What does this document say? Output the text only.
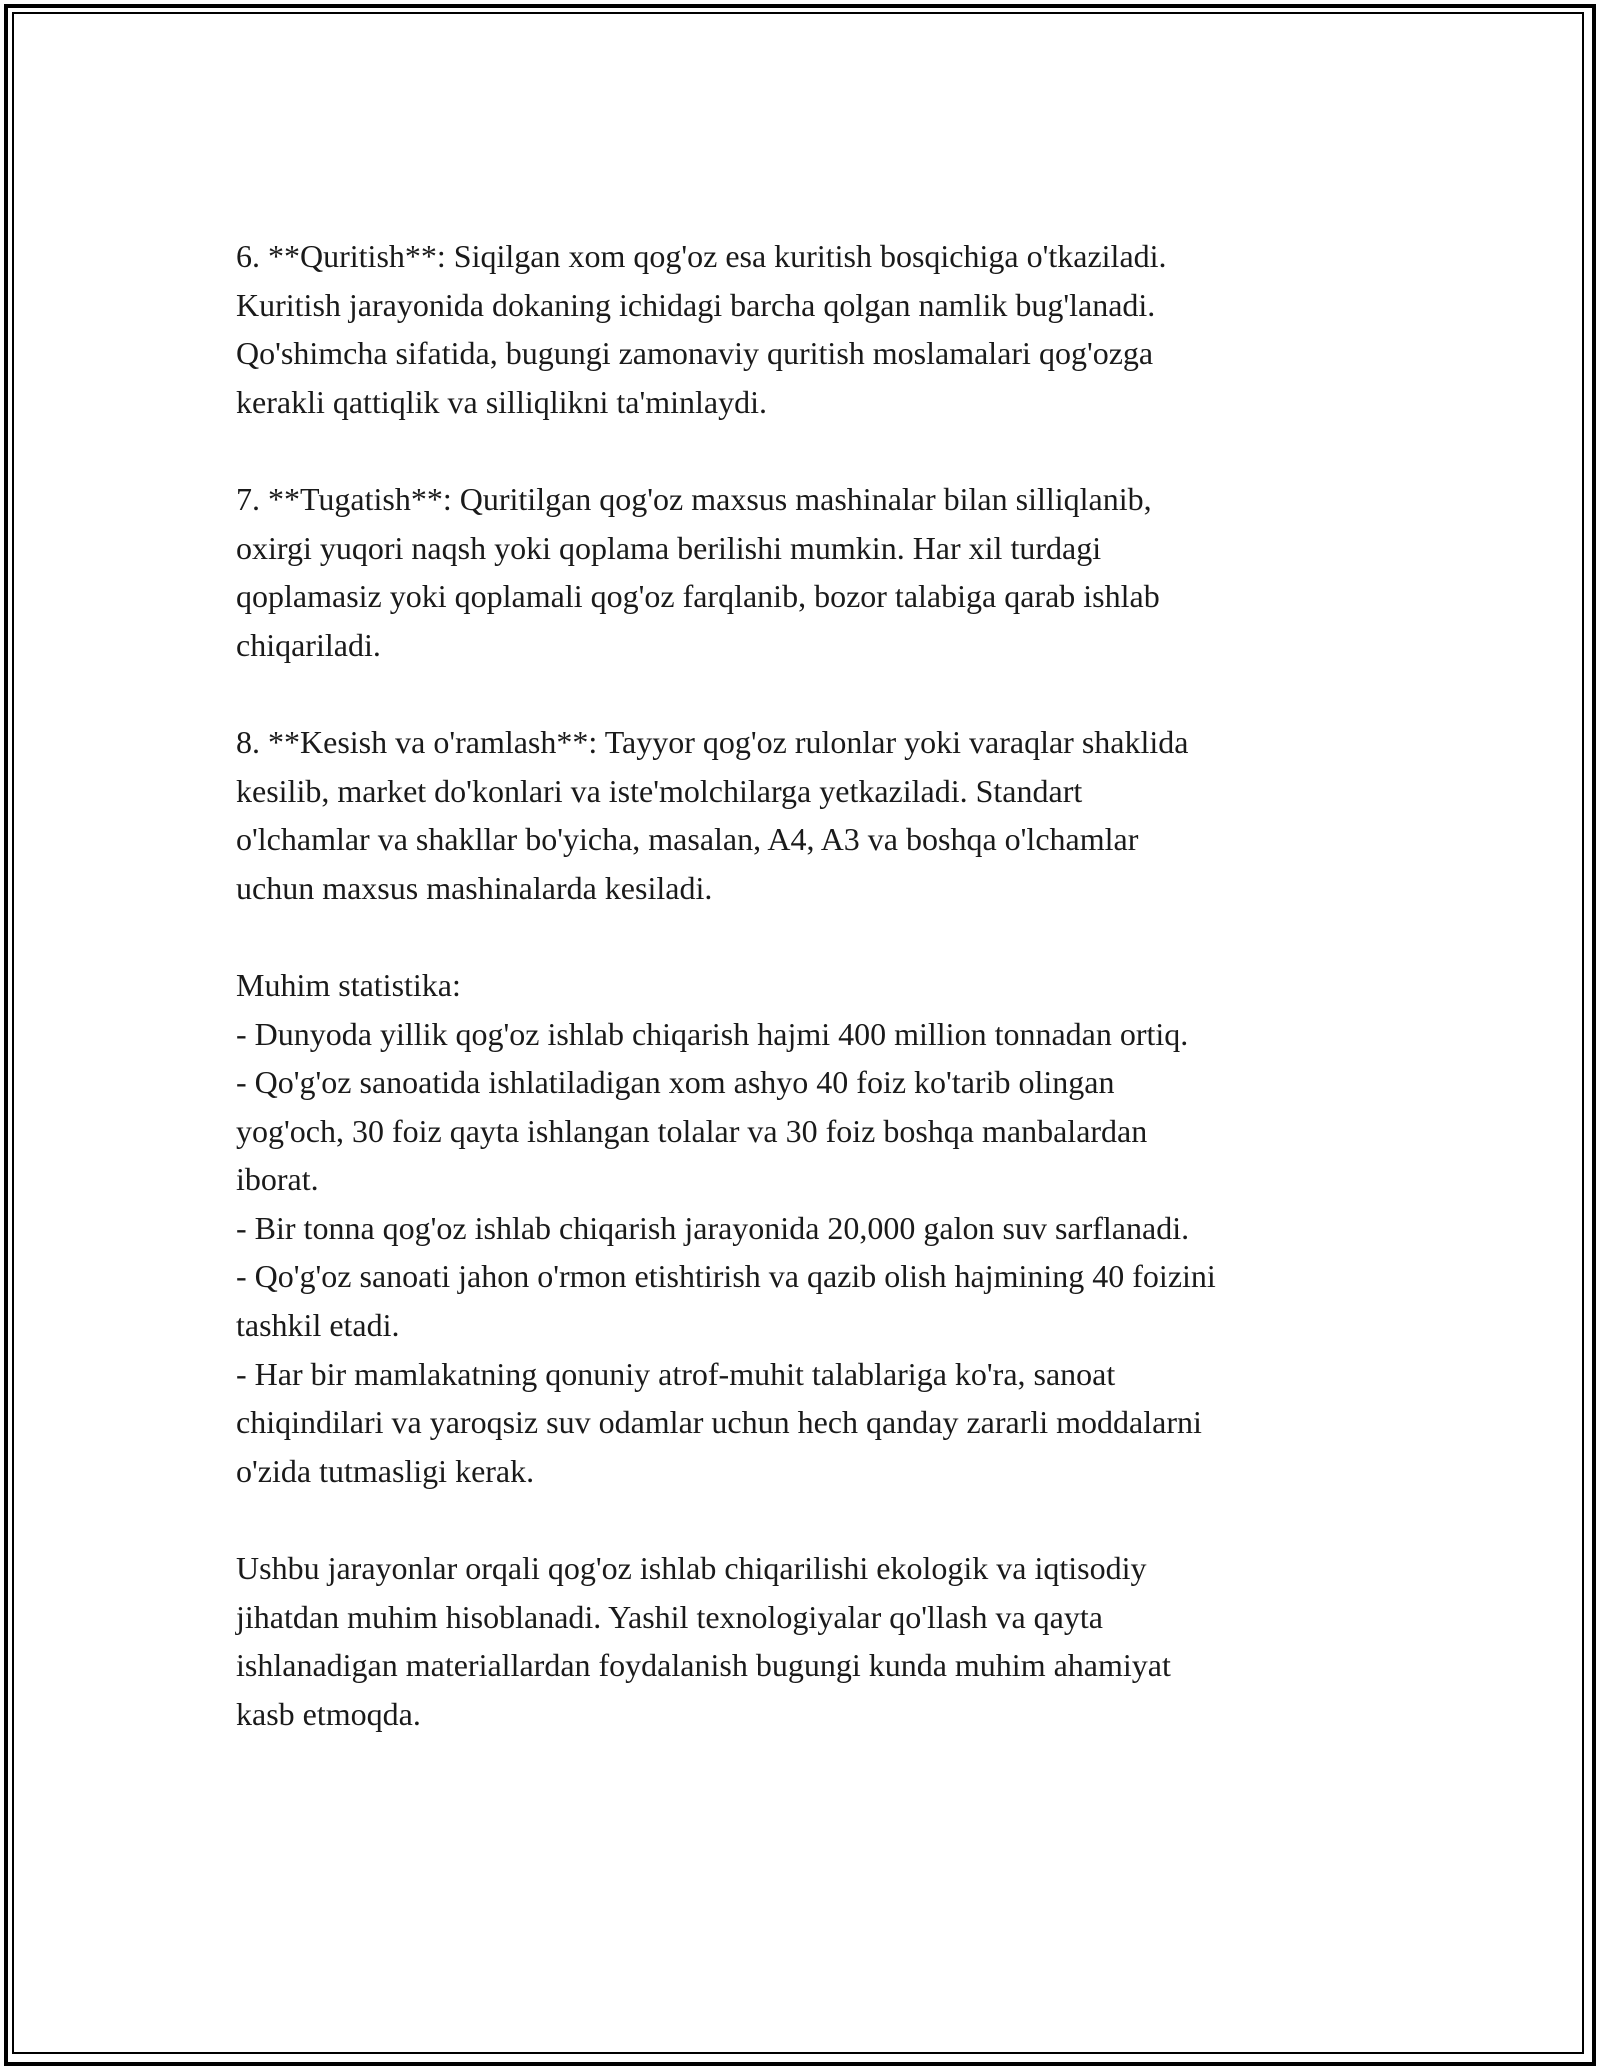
6. **Quritish**: Siqilgan xom qog'oz esa kuritish bosqichiga o'tkaziladi.
Kuritish jarayonida dokaning ichidagi barcha qolgan namlik bug'lanadi.
Qo'shimcha sifatida, bugungi zamonaviy quritish moslamalari qog'ozga
kerakli qattiqlik va silliqlikni ta'minlaydi.

7. **Tugatish**: Quritilgan qog'oz maxsus mashinalar bilan silliqlanib,
oxirgi yuqori naqsh yoki qoplama berilishi mumkin. Har xil turdagi
qoplamasiz yoki qoplamali qog'oz farqlanib, bozor talabiga qarab ishlab
chiqariladi.

8. **Kesish va o'ramlash**: Tayyor qog'oz rulonlar yoki varaqlar shaklida
kesilib, market do'konlari va iste'molchilarga yetkaziladi. Standart
o'lchamlar va shakllar bo'yicha, masalan, A4, A3 va boshqa o'lchamlar
uchun maxsus mashinalarda kesiladi.

Muhim statistika:
- Dunyoda yillik qog'oz ishlab chiqarish hajmi 400 million tonnadan ortiq.
- Qo'g'oz sanoatida ishlatiladigan xom ashyo 40 foiz ko'tarib olingan
yog'och, 30 foiz qayta ishlangan tolalar va 30 foiz boshqa manbalardan
iborat.
- Bir tonna qog'oz ishlab chiqarish jarayonida 20,000 galon suv sarflanadi.
- Qo'g'oz sanoati jahon o'rmon etishtirish va qazib olish hajmining 40 foizini
tashkil etadi.
- Har bir mamlakatning qonuniy atrof-muhit talablariga ko'ra, sanoat
chiqindilari va yaroqsiz suv odamlar uchun hech qanday zararli moddalarni
o'zida tutmasligi kerak.

Ushbu jarayonlar orqali qog'oz ishlab chiqarilishi ekologik va iqtisodiy
jihatdan muhim hisoblanadi. Yashil texnologiyalar qo'llash va qayta
ishlanadigan materiallardan foydalanish bugungi kunda muhim ahamiyat
kasb etmoqda.
